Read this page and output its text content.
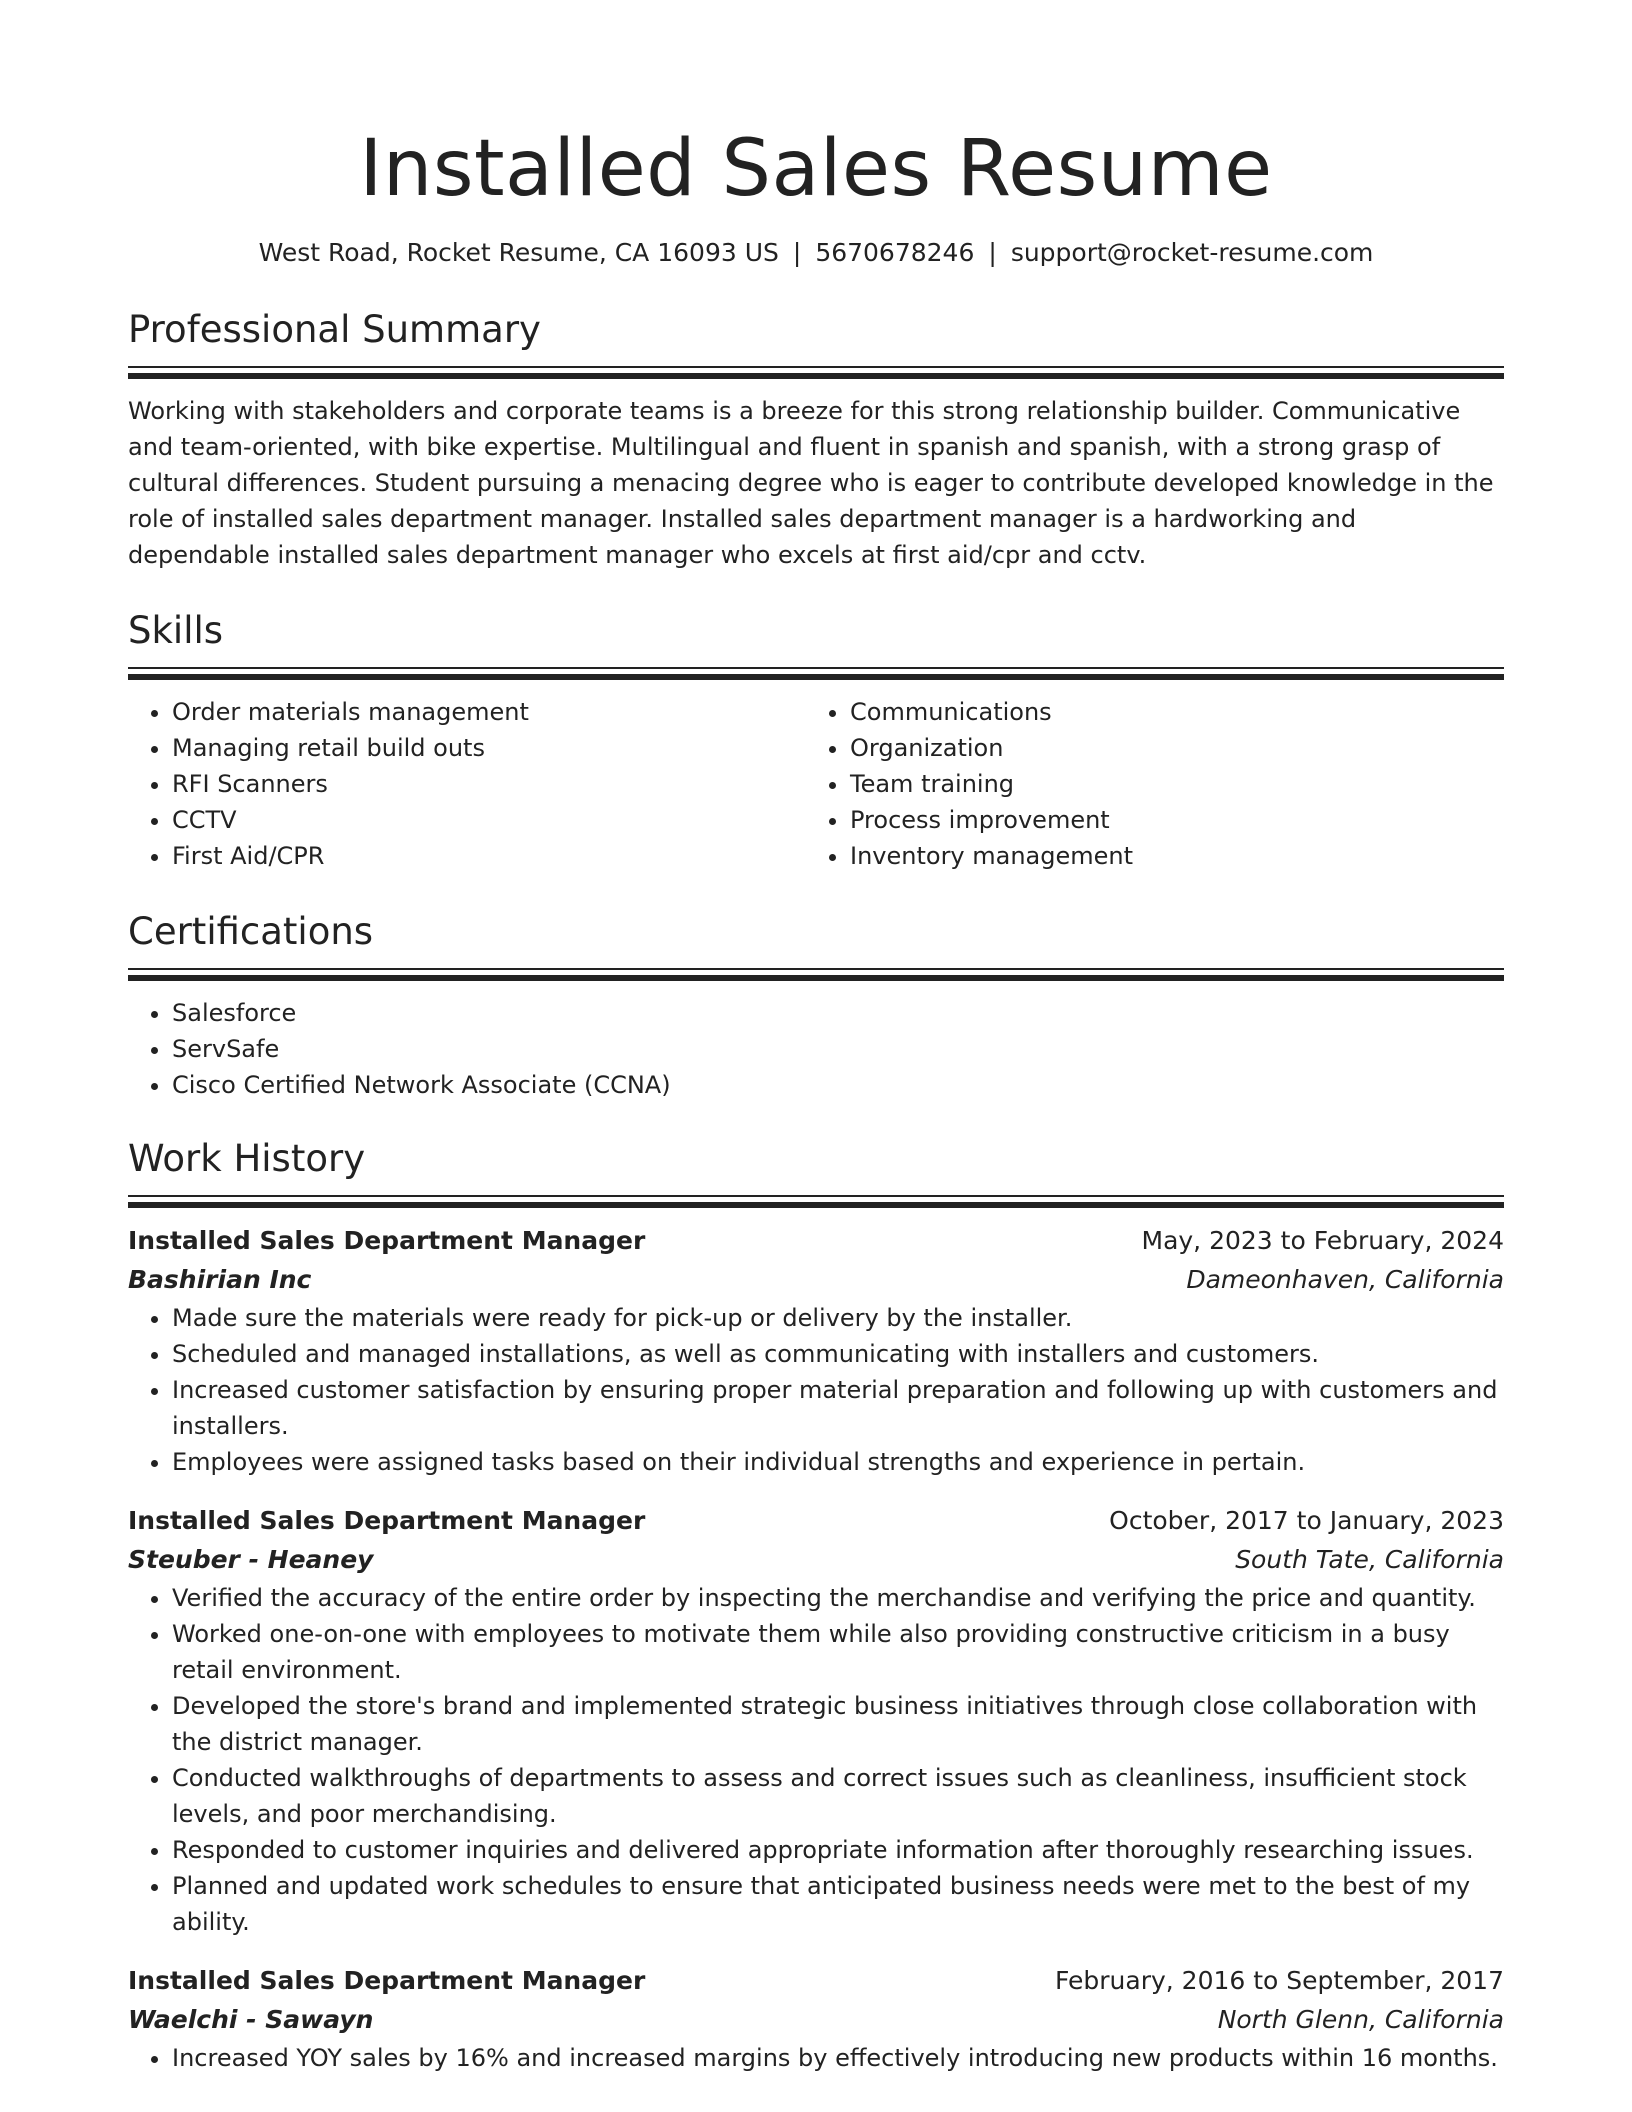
Installed Sales Resume
West Road, Rocket Resume, CA 16093 US | 5670678246 | support@rocket-resume.com
Professional Summary
Working with stakeholders and corporate teams is a breeze for this strong relationship builder. Communicative and team-oriented, with bike expertise. Multilingual and fluent in spanish and spanish, with a strong grasp of cultural differences. Student pursuing a menacing degree who is eager to contribute developed knowledge in the role of installed sales department manager. Installed sales department manager is a hardworking and dependable installed sales department manager who excels at first aid/cpr and cctv.
Skills
• Order materials management
• Managing retail build outs
• RFI Scanners
• CCTV
• First Aid/CPR
• Communications
• Organization
• Team training
• Process improvement
• Inventory management
Certifications
• Salesforce
• ServSafe
• Cisco Certified Network Associate (CCNA)
Work History
Installed Sales Department Manager	May, 2023 to February, 2024
Bashirian Inc	Dameonhaven, California
• Made sure the materials were ready for pick-up or delivery by the installer.
• Scheduled and managed installations, as well as communicating with installers and customers.
• Increased customer satisfaction by ensuring proper material preparation and following up with customers and installers.
• Employees were assigned tasks based on their individual strengths and experience in pertain.
Installed Sales Department Manager	October, 2017 to January, 2023
Steuber - Heaney	South Tate, California
• Verified the accuracy of the entire order by inspecting the merchandise and verifying the price and quantity.
• Worked one-on-one with employees to motivate them while also providing constructive criticism in a busy retail environment.
• Developed the store's brand and implemented strategic business initiatives through close collaboration with the district manager.
• Conducted walkthroughs of departments to assess and correct issues such as cleanliness, insufficient stock levels, and poor merchandising.
• Responded to customer inquiries and delivered appropriate information after thoroughly researching issues.
• Planned and updated work schedules to ensure that anticipated business needs were met to the best of my ability.
Installed Sales Department Manager	February, 2016 to September, 2017
Waelchi - Sawayn	North Glenn, California
• Increased YOY sales by 16% and increased margins by effectively introducing new products within 16 months.
